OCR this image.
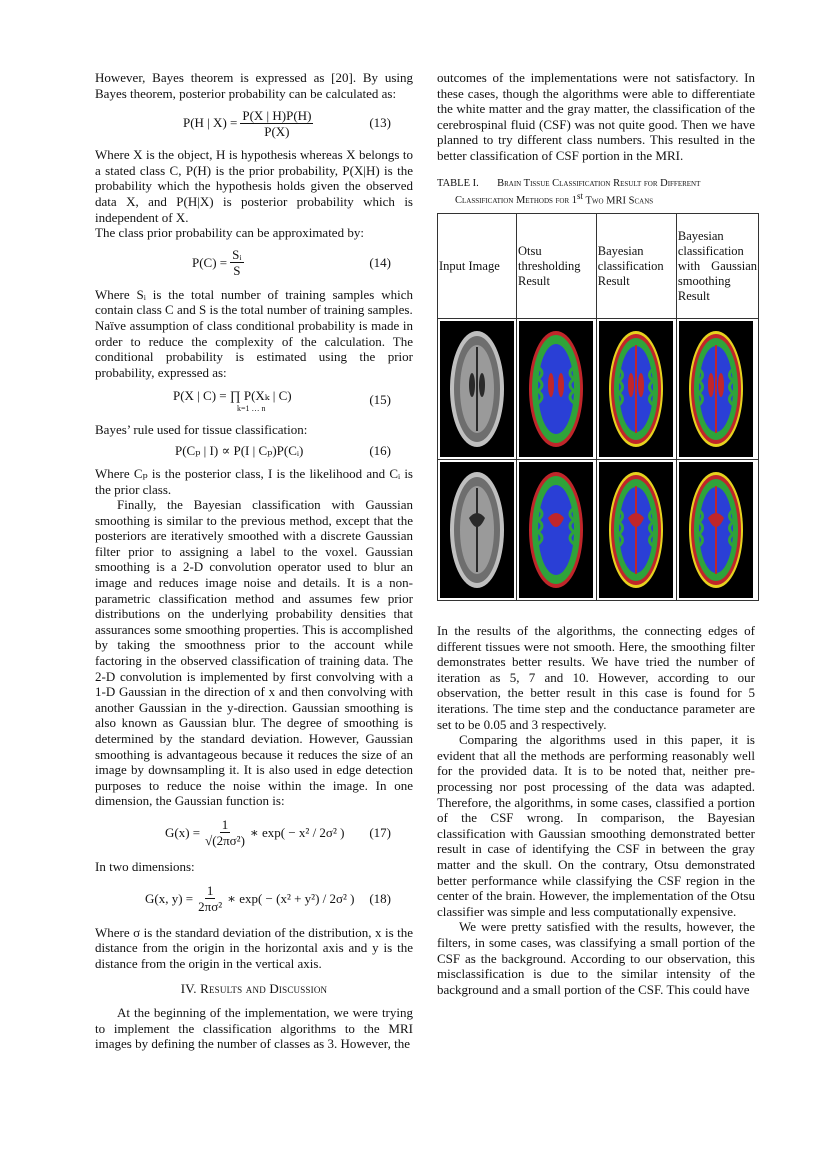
However, Bayes theorem is expressed as [20]. By using Bayes theorem, posterior probability can be calculated as:

P(H | $X) = \frac{P(X | H)P(H)}{P(X)}$	(13)

Where X is the object, H is hypothesis whereas X belongs to a stated class C, P(H) is the prior probability, P(X|H) is the probability which the hypothesis holds given the observed data X, and P(H|X) is posterior probability which is independent of X.

The class prior probability can be approximated by:

$P(C) = \frac{\text{Sᵢ}}{S}$	(14)

Where Sᵢ is the total number of training samples which contain class C and S is the total number of training samples.

Naïve assumption of class conditional probability is made in order to reduce the complexity of the calculation. The conditional probability is estimated using the prior probability, expressed as:

P(X | C) = ∏ P(Xₖ | C)
k=1 … n
(15)

Bayes’ rule used for tissue classification:

P(Cₚ | I) ∝ P(I | Cₚ)P(Cᵢ)	(16)

Where Cₚ is the posterior class, I is the likelihood and Cᵢ is the prior class.

Finally, the Bayesian classification with Gaussian smoothing is similar to the previous method, except that the posteriors are iteratively smoothed with a discrete Gaussian filter prior to assigning a label to the voxel. Gaussian smoothing is a 2-D convolution operator used to blur an image and reduces image noise and details. It is a non-parametric classification method and assumes few prior distributions on the underlying probability densities that assurances some smoothing properties. This is accomplished by taking the smoothness prior to the account while factoring in the observed classification of training data. The 2-D convolution is implemented by first convolving with a 1-D Gaussian in the direction of x and then convolving with another Gaussian in the y-direction. Gaussian smoothing is also known as Gaussian blur. The degree of smoothing is determined by the standard deviation. However, Gaussian smoothing is advantageous because it reduces the size of an image by downsampling it. It is also used in edge detection purposes to reduce the noise within the image. In one dimension, the Gaussian function is:

$G(x) = \frac{1}{\text{√(2πσ²)}}$ ∗ exp( − x² / 2σ² ) (17)

In two dimensions:

G(x, $y) = \frac{1}{\text{2πσ²}}$ ∗ exp( − (x² + y²) / 2σ² ) (18)

Where σ is the standard deviation of the distribution, x is the distance from the origin in the horizontal axis and y is the distance from the origin in the vertical axis.

IV. Results and Discussion

At the beginning of the implementation, we were trying to implement the classification algorithms to the MRI images by defining the number of classes as 3. However, the

outcomes of the implementations were not satisfactory. In these cases, though the algorithms were able to differentiate the white matter and the gray matter, the classification of the cerebrospinal fluid (CSF) was not quite good. Then we have planned to try different class numbers. This resulted in the better classification of CSF portion in the MRI.

TABLE I. Brain Tissue Classification Result for Different
Classification Methods for 1st Two MRI Scans
Input Image	Otsu thresholding Result	Bayesian classification Result	Bayesian classification with Gaussian smoothing Result

In the results of the algorithms, the connecting edges of different tissues were not smooth. Here, the smoothing filter demonstrates better results. We have tried the number of iteration as 5, 7 and 10. However, according to our observation, the better result in this case is found for 5 iterations. The time step and the conductance parameter are set to be 0.05 and 3 respectively.

Comparing the algorithms used in this paper, it is evident that all the methods are performing reasonably well for the provided data. It is to be noted that, neither pre-processing nor post processing of the data was adapted. Therefore, the algorithms, in some cases, classified a portion of the CSF wrong. In comparison, the Bayesian classification with Gaussian smoothing demonstrated better result in case of identifying the CSF in between the gray matter and the skull. On the contrary, Otsu demonstrated better performance while classifying the CSF region in the center of the brain. However, the implementation of the Otsu classifier was simple and less computationally expensive.

We were pretty satisfied with the results, however, the filters, in some cases, was classifying a small portion of the CSF as the background. According to our observation, this misclassification is due to the similar intensity of the background and a small portion of the CSF. This could have
